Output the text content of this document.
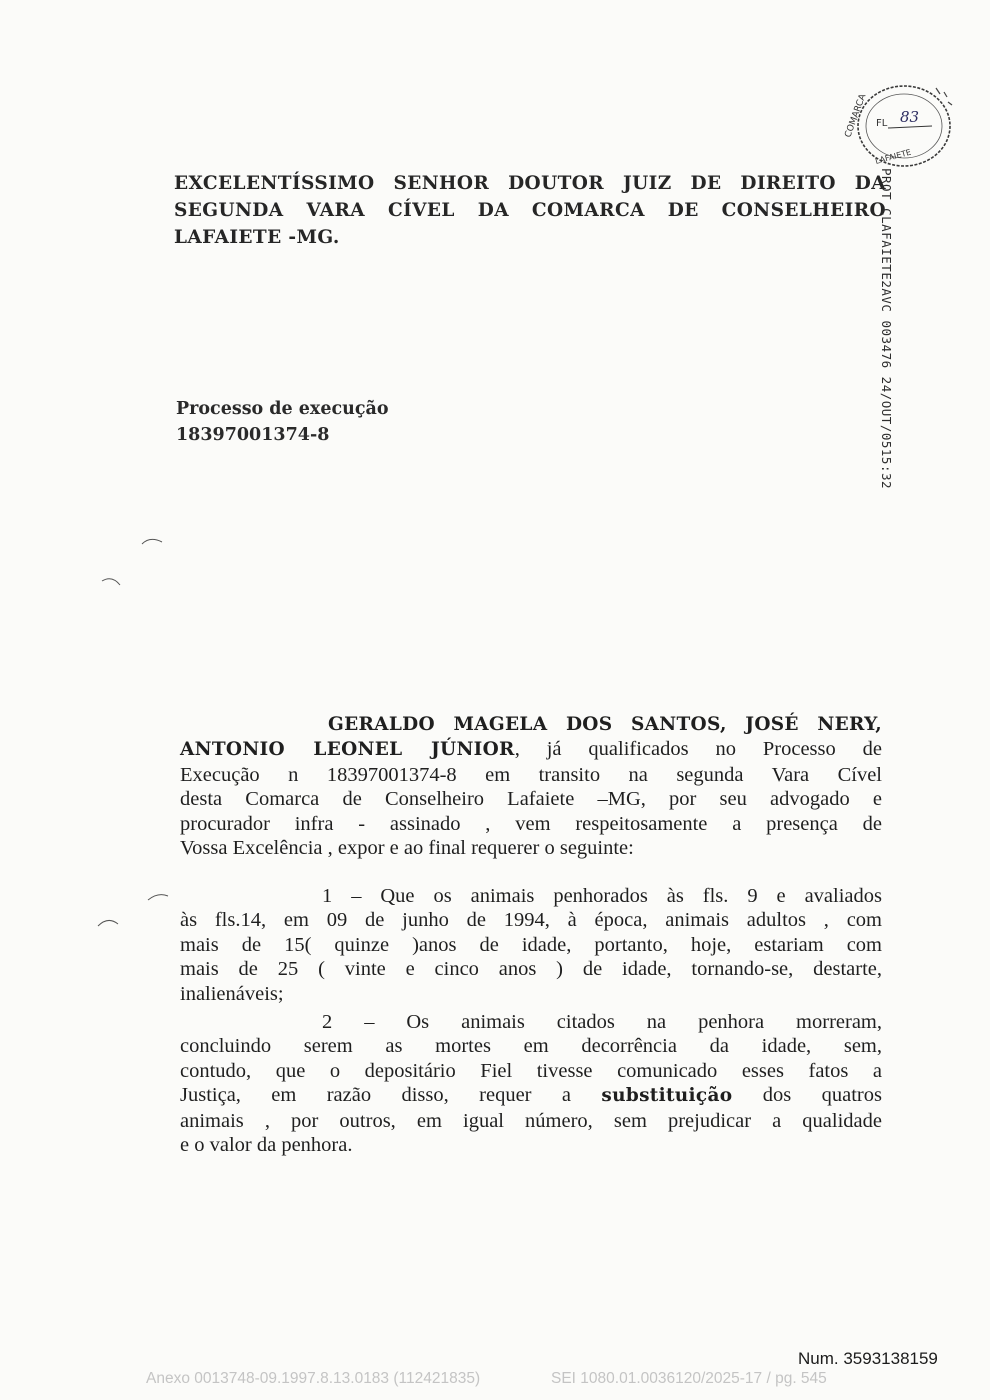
COMARCA
LAFAIETE
FL 83
EXCELENTÍSSIMO SENHOR DOUTOR JUIZ DE DIREITO DA
SEGUNDA VARA CÍVEL DA COMARCA DE CONSELHEIRO
LAFAIETE -MG.	PROT CLAFAIETE2AVC 003476 24/OUT/0515:32
Processo de execução
18397001374-8
GERALDO MAGELA DOS SANTOS, JOSÉ NERY,
ANTONIO LEONEL JÚNIOR, já qualificados no Processo de
Execução n 18397001374-8 em transito na segunda Vara Cível
desta Comarca de Conselheiro Lafaiete –MG, por seu advogado e
procurador infra - assinado , vem respeitosamente a presença de
Vossa Excelência , expor e ao final requerer o seguinte:
1 – Que os animais penhorados às fls. 9 e avaliados
às fls.14, em 09 de junho de 1994, à época, animais adultos , com
mais de 15( quinze )anos de idade, portanto, hoje, estariam com
mais de 25 ( vinte e cinco anos ) de idade, tornando-se, destarte,
inalienáveis;
2 – Os animais citados na penhora morreram,
concluindo serem as mortes em decorrência da idade, sem,
contudo, que o depositário Fiel tivesse comunicado esses fatos a
Justiça, em razão disso, requer a substituição dos quatros
animais , por outros, em igual número, sem prejudicar a qualidade
e o valor da penhora.
Num. 3593138159
Anexo 0013748-09.1997.8.13.0183 (112421835)	SEI 1080.01.0036120/2025-17 / pg. 545
